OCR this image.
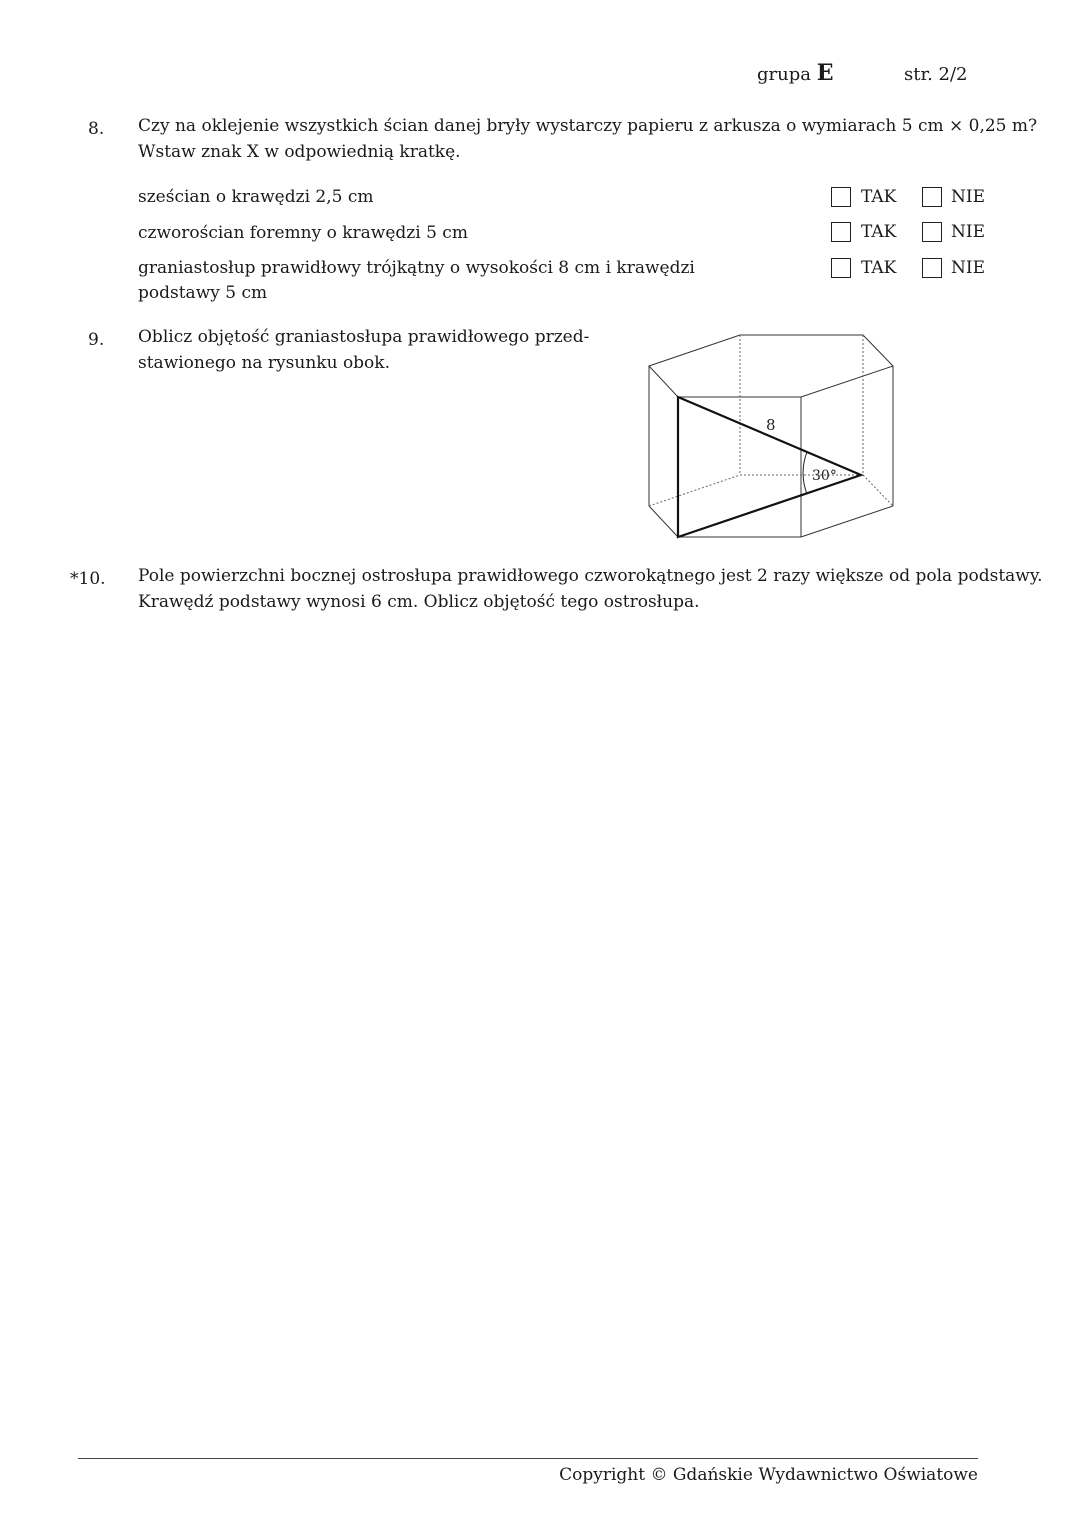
grupa E	str. 2/2
8. Czy na oklejenie wszystkich ścian danej bryły wystarczy papieru z arkusza o wymiarach 5 cm × 0,25 m?
Wstaw znak X w odpowiednią kratkę.
sześcian o krawędzi 2,5 cm	TAK	NIE
czworościan foremny o krawędzi 5 cm	TAK	NIE
graniastosłup prawidłowy trójkątny o wysokości 8 cm i krawędzi
podstawy 5 cm
TAK	NIE
9. Oblicz objętość graniastosłupa prawidłowego przed-
stawionego na rysunku obok.
8
30°
*10. Pole powierzchni bocznej ostrosłupa prawidłowego czworokątnego jest 2 razy większe od pola podstawy.
Krawędź podstawy wynosi 6 cm. Oblicz objętość tego ostrosłupa.
Copyright © Gdańskie Wydawnictwo Oświatowe
